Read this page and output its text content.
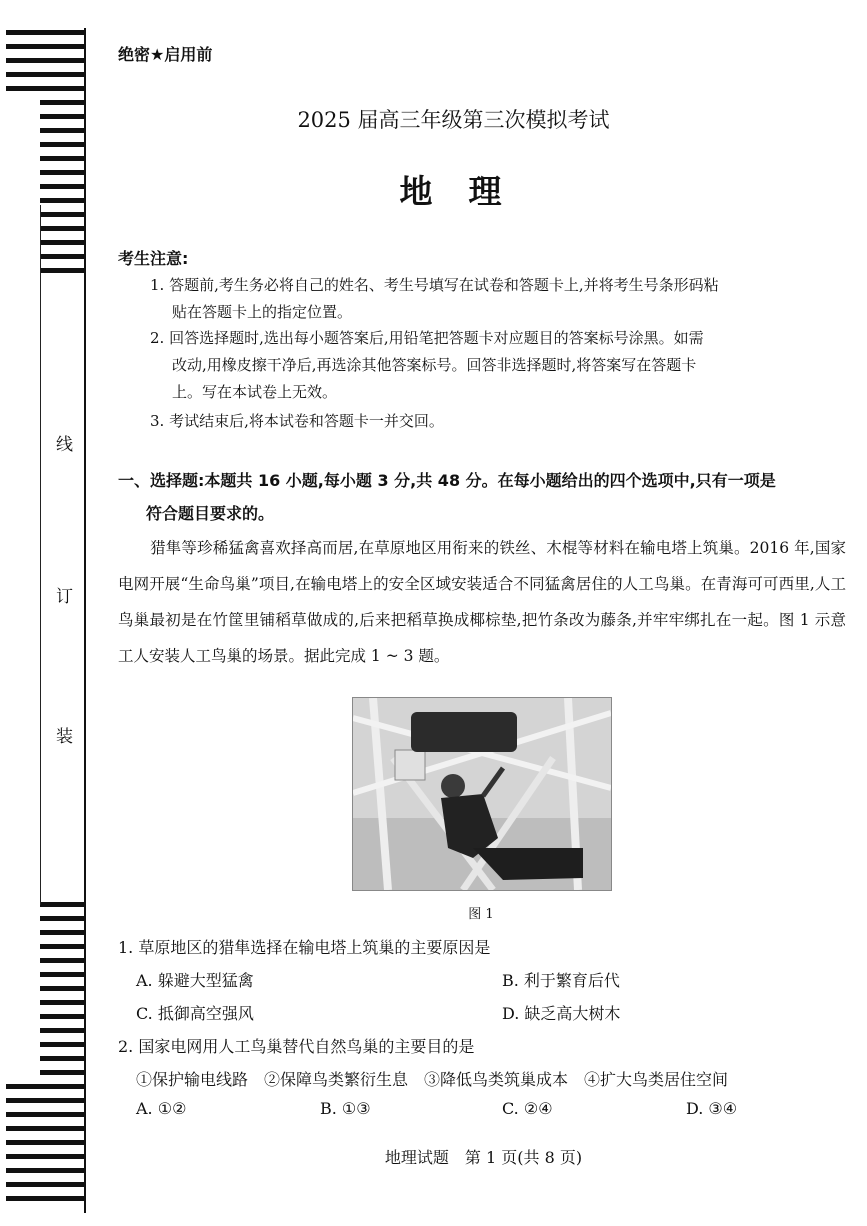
线
订
装
绝密★启用前
2025 届高三年级第三次模拟考试
地理
考生注意:
1. 答题前,考生务必将自己的姓名、考生号填写在试卷和答题卡上,并将考生号条形码粘
贴在答题卡上的指定位置。
2. 回答选择题时,选出每小题答案后,用铅笔把答题卡对应题目的答案标号涂黑。如需
改动,用橡皮擦干净后,再选涂其他答案标号。回答非选择题时,将答案写在答题卡
上。写在本试卷上无效。
3. 考试结束后,将本试卷和答题卡一并交回。
一、选择题:本题共 16 小题,每小题 3 分,共 48 分。在每小题给出的四个选项中,只有一项是
符合题目要求的。
猎隼等珍稀猛禽喜欢择高而居,在草原地区用衔来的铁丝、木棍等材料在输电塔上筑巢。2016 年,国家电网开展“生命鸟巢”项目,在输电塔上的安全区域安装适合不同猛禽居住的人工鸟巢。在青海可可西里,人工鸟巢最初是在竹筐里铺稻草做成的,后来把稻草换成椰棕垫,把竹条改为藤条,并牢牢绑扎在一起。图 1 示意工人安装人工鸟巢的场景。据此完成 1 ~ 3 题。
图 1
1. 草原地区的猎隼选择在输电塔上筑巢的主要原因是
A. 躲避大型猛禽	B. 利于繁育后代
C. 抵御高空强风	D. 缺乏高大树木
2. 国家电网用人工鸟巢替代自然鸟巢的主要目的是
①保护输电线路　②保障鸟类繁衍生息　③降低鸟类筑巢成本　④扩大鸟类居住空间
A. ①②	B. ①③	C. ②④	D. ③④
地理试题　第 1 页(共 8 页)
